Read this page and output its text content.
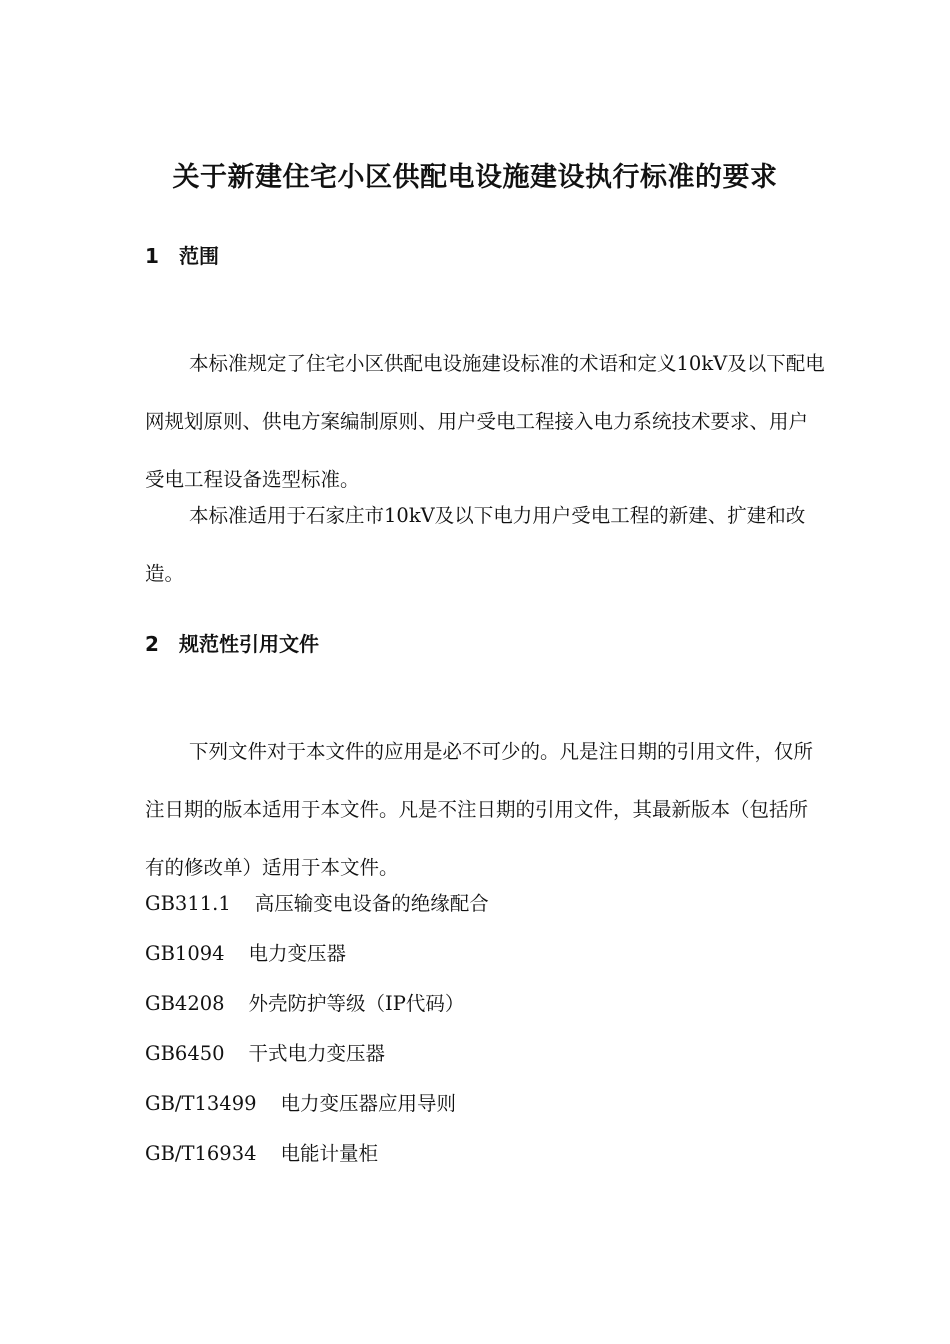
关于新建住宅小区供配电设施建设执行标准的要求
1 范围

本标准规定了住宅小区供配电设施建设标准的术语和定义10kV及以下配电网规划原则、供电方案编制原则、用户受电工程接入电力系统技术要求、用户受电工程设备选型标准。

本标准适用于石家庄市10kV及以下电力用户受电工程的新建、扩建和改造。

2 规范性引用文件

下列文件对于本文件的应用是必不可少的。凡是注日期的引用文件，仅所注日期的版本适用于本文件。凡是不注日期的引用文件，其最新版本（包括所有的修改单）适用于本文件。

GB311.1 高压输变电设备的绝缘配合
GB1094 电力变压器
GB4208 外壳防护等级（IP代码）
GB6450 干式电力变压器
GB/T13499 电力变压器应用导则
GB/T16934 电能计量柜
